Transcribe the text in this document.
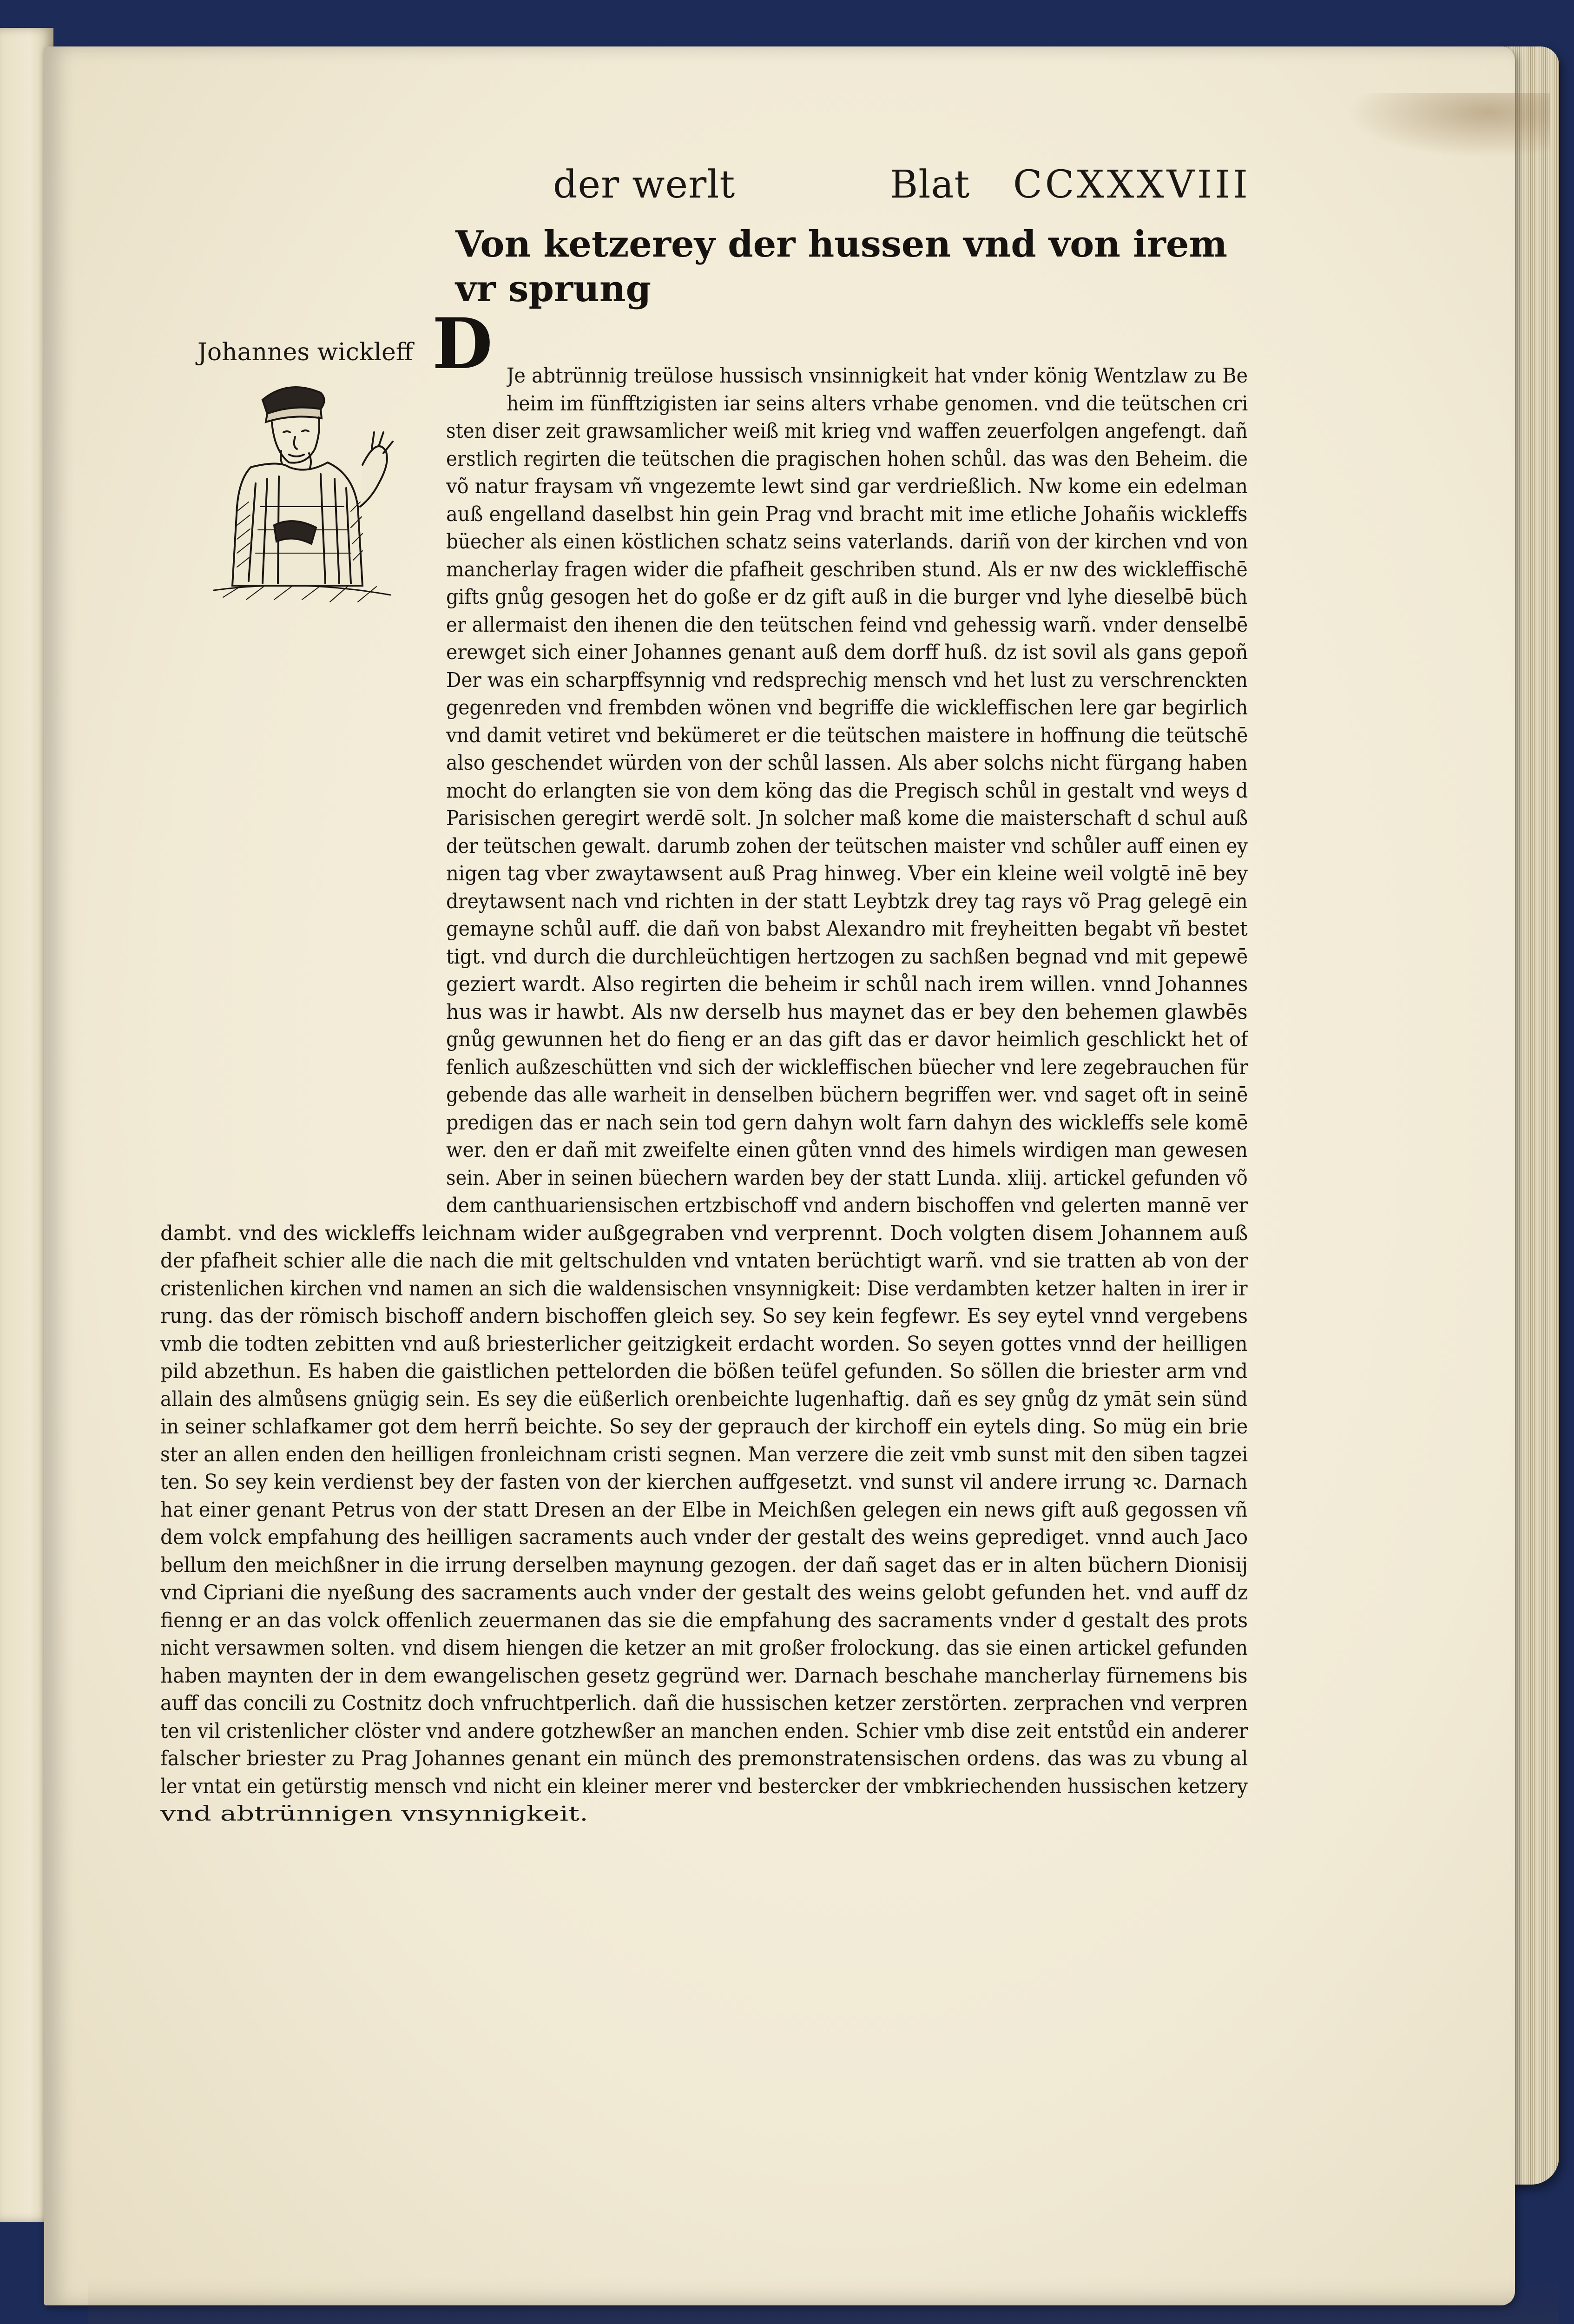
der werlt	Blat CCXXXVIII
Von ketzerey der hussen vnd von irem vr sprung
Johannes wickleff D Je abtrünnig treülose hussisch vnsinnigkeit hat vnder könig Wentzlaw zu Be
heim im fünfftzigisten iar seins alters vrhabe genomen. vnd die teütschen cri
sten diser zeit grawsamlicher weiß mit krieg vnd waffen zeuerfolgen angefengt. dañ
erstlich regirten die teütschen die pragischen hohen schůl. das was den Beheim. die
võ natur fraysam vñ vngezemte lewt sind gar verdrießlich. Nw kome ein edelman
auß engelland daselbst hin gein Prag vnd bracht mit ime etliche Johañis wickleffs
büecher als einen köstlichen schatz seins vaterlands. dariñ von der kirchen vnd von
mancherlay fragen wider die pfafheit geschriben stund. Als er nw des wickleffischē
gifts gnůg gesogen het do goße er dz gift auß in die burger vnd lyhe dieselbē büch
er allermaist den ihenen die den teütschen feind vnd gehessig warñ. vnder denselbē
erewget sich einer Johannes genant auß dem dorff huß. dz ist sovil als gans gepoñ
Der was ein scharpffsynnig vnd redsprechig mensch vnd het lust zu verschrenckten
gegenreden vnd frembden wönen vnd begriffe die wickleffischen lere gar begirlich
vnd damit vetiret vnd bekümeret er die teütschen maistere in hoffnung die teütschē
also geschendet würden von der schůl lassen. Als aber solchs nicht fürgang haben
mocht do erlangten sie von dem köng das die Pregisch schůl in gestalt vnd weys d
Parisischen geregirt werdē solt. Jn solcher maß kome die maisterschaft d schul auß
der teütschen gewalt. darumb zohen der teütschen maister vnd schůler auff einen ey
nigen tag vber zwaytawsent auß Prag hinweg. Vber ein kleine weil volgtē inē bey
dreytawsent nach vnd richten in der statt Leybtzk drey tag rays võ Prag gelegē ein
gemayne schůl auff. die dañ von babst Alexandro mit freyheitten begabt vñ bestet
tigt. vnd durch die durchleüchtigen hertzogen zu sachßen begnad vnd mit gepewē
geziert wardt. Also regirten die beheim ir schůl nach irem willen. vnnd Johannes
hus was ir hawbt. Als nw derselb hus maynet das er bey den behemen glawbēs
gnůg gewunnen het do fieng er an das gift das er davor heimlich geschlickt het of
fenlich außzeschütten vnd sich der wickleffischen büecher vnd lere zegebrauchen für
gebende das alle warheit in denselben büchern begriffen wer. vnd saget oft in seinē
predigen das er nach sein tod gern dahyn wolt farn dahyn des wickleffs sele komē
wer. den er dañ mit zweifelte einen gůten vnnd des himels wirdigen man gewesen
sein. Aber in seinen büechern warden bey der statt Lunda. xliij. artickel gefunden võ
dem canthuariensischen ertzbischoff vnd andern bischoffen vnd gelerten mannē ver
dambt. vnd des wickleffs leichnam wider außgegraben vnd verprennt. Doch volgten disem Johannem auß
der pfafheit schier alle die nach die mit geltschulden vnd vntaten berüchtigt warñ. vnd sie tratten ab von der
cristenlichen kirchen vnd namen an sich die waldensischen vnsynnigkeit: Dise verdambten ketzer halten in irer ir
rung. das der römisch bischoff andern bischoffen gleich sey. So sey kein fegfewr. Es sey eytel vnnd vergebens
vmb die todten zebitten vnd auß briesterlicher geitzigkeit erdacht worden. So seyen gottes vnnd der heilligen
pild abzethun. Es haben die gaistlichen pettelorden die bößen teüfel gefunden. So söllen die briester arm vnd
allain des almůsens gnügig sein. Es sey die eüßerlich orenbeichte lugenhaftig. dañ es sey gnůg dz ymāt sein sünd
in seiner schlafkamer got dem herrñ beichte. So sey der geprauch der kirchoff ein eytels ding. So müg ein brie
ster an allen enden den heilligen fronleichnam cristi segnen. Man verzere die zeit vmb sunst mit den siben tagzei
ten. So sey kein verdienst bey der fasten von der kierchen auffgesetzt. vnd sunst vil andere irrung ꝛc. Darnach
hat einer genant Petrus von der statt Dresen an der Elbe in Meichßen gelegen ein news gift auß gegossen vñ
dem volck empfahung des heilligen sacraments auch vnder der gestalt des weins geprediget. vnnd auch Jaco
bellum den meichßner in die irrung derselben maynung gezogen. der dañ saget das er in alten büchern Dionisij
vnd Cipriani die nyeßung des sacraments auch vnder der gestalt des weins gelobt gefunden het. vnd auff dz
fienng er an das volck offenlich zeuermanen das sie die empfahung des sacraments vnder d gestalt des prots
nicht versawmen solten. vnd disem hiengen die ketzer an mit großer frolockung. das sie einen artickel gefunden
haben maynten der in dem ewangelischen gesetz gegründ wer. Darnach beschahe mancherlay fürnemens bis
auff das concili zu Costnitz doch vnfruchtperlich. dañ die hussischen ketzer zerstörten. zerprachen vnd verpren
ten vil cristenlicher clöster vnd andere gotzhewßer an manchen enden. Schier vmb dise zeit entstůd ein anderer
falscher briester zu Prag Johannes genant ein münch des premonstratensischen ordens. das was zu vbung al
ler vntat ein getürstig mensch vnd nicht ein kleiner merer vnd bestercker der vmbkriechenden hussischen ketzery
vnd abtrünnigen vnsynnigkeit.
